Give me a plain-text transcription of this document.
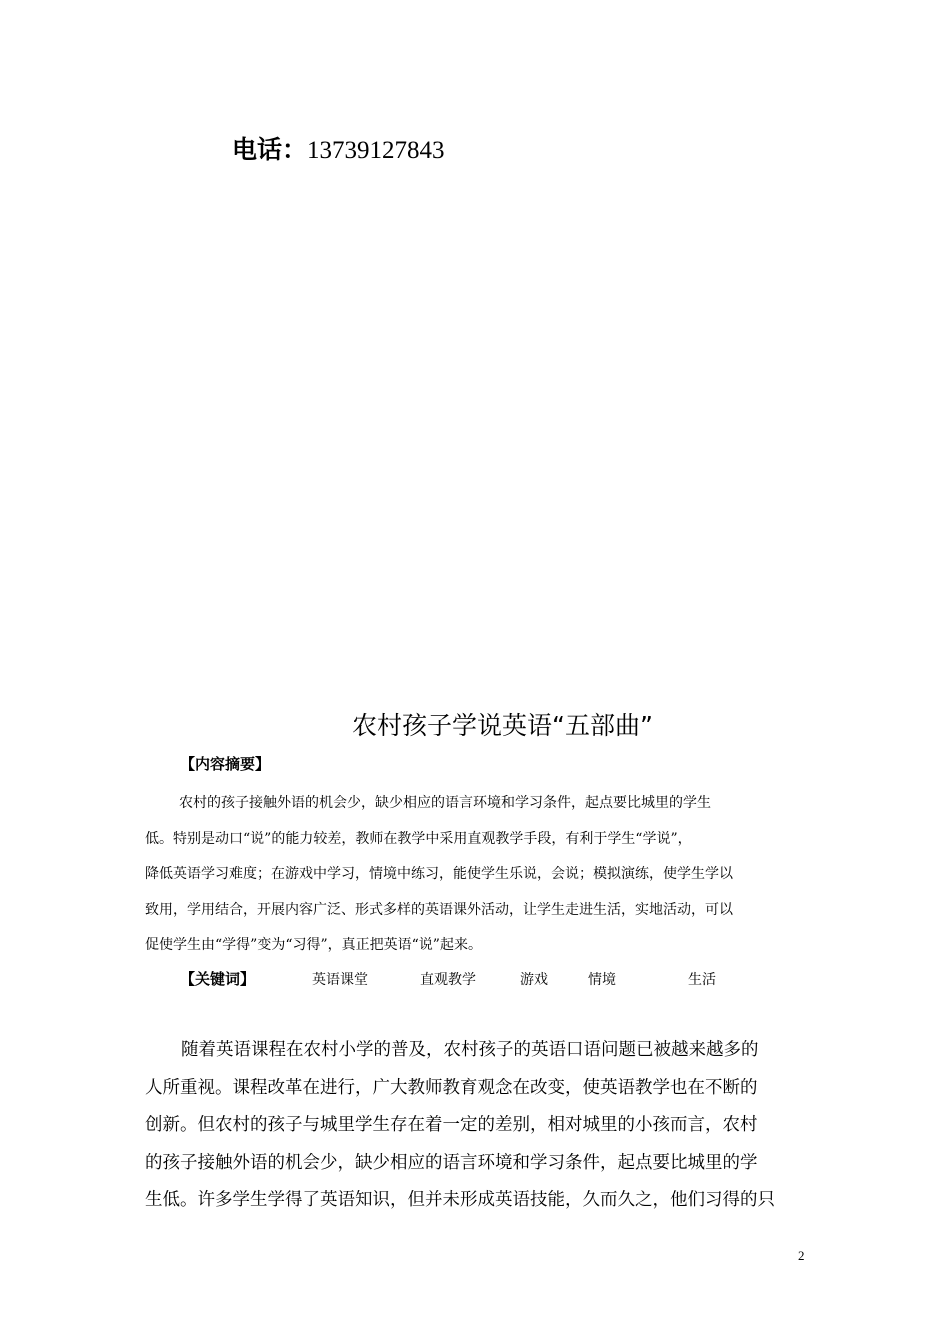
电话：13739127843
农村孩子学说英语“五部曲”
【内容摘要】
农村的孩子接触外语的机会少，缺少相应的语言环境和学习条件，起点要比城里的学生
低。特别是动口“说”的能力较差，教师在教学中采用直观教学手段，有利于学生“学说”，
降低英语学习难度；在游戏中学习，情境中练习，能使学生乐说，会说；模拟演练，使学生学以
致用，学用结合，开展内容广泛、形式多样的英语课外活动，让学生走进生活，实地活动，可以
促使学生由“学得”变为“习得”，真正把英语“说”起来。
【关键词】	英语课堂	直观教学	游戏	情境	生活
随着英语课程在农村小学的普及，农村孩子的英语口语问题已被越来越多的
人所重视。课程改革在进行，广大教师教育观念在改变，使英语教学也在不断的
创新。但农村的孩子与城里学生存在着一定的差别，相对城里的小孩而言，农村
的孩子接触外语的机会少，缺少相应的语言环境和学习条件，起点要比城里的学
生低。许多学生学得了英语知识，但并未形成英语技能，久而久之，他们习得的只
2
